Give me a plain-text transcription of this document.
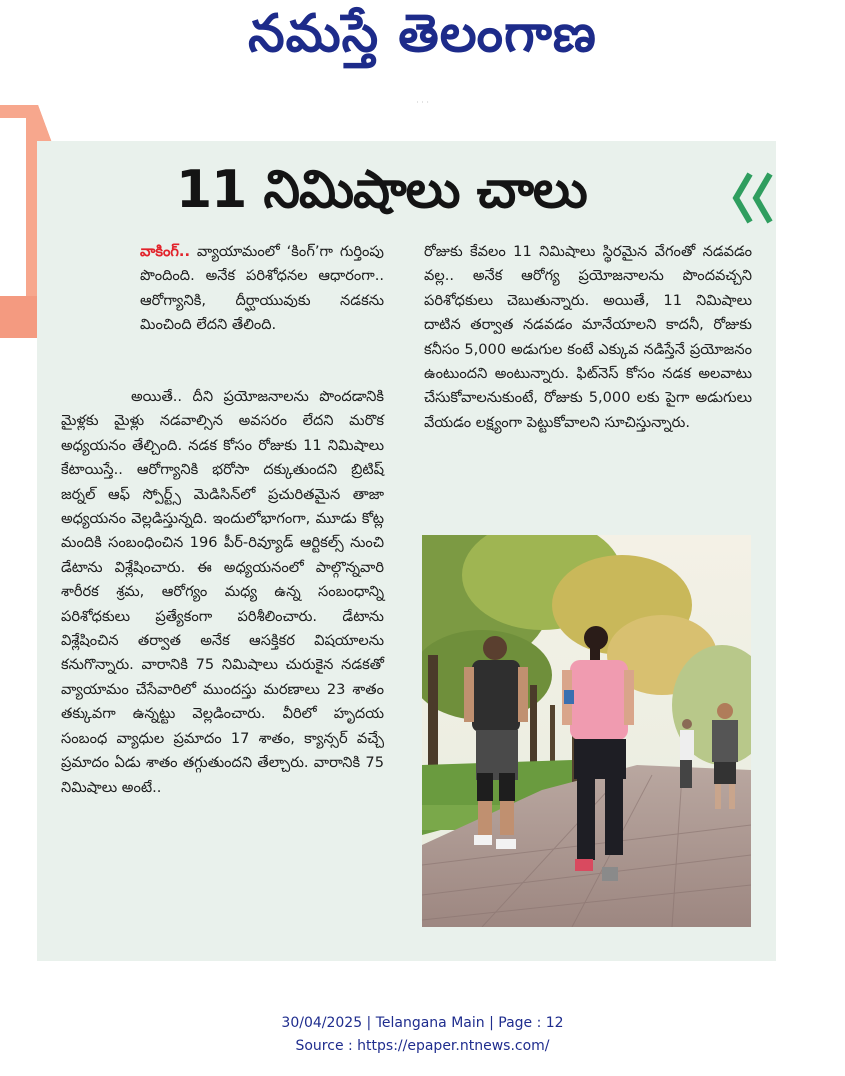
నమస్తే తెలంగాణ
· · ·
11 నిమిషాలు చాలు

వాకింగ్.. వ్యాయామంలో ‘కింగ్’గా గుర్తింపు పొందింది. అనేక పరిశోధనల ఆధారంగా.. ఆరోగ్యానికి, దీర్ఘాయువుకు నడకను మించింది లేదని తేలింది.

అయితే.. దీని ప్రయోజనాలను పొందడానికి మైళ్లకు మైళ్లు నడవాల్సిన అవసరం లేదని మరొక అధ్యయనం తేల్చింది. నడక కోసం రోజుకు 11 నిమిషాలు కేటాయిస్తే.. ఆరోగ్యానికి భరోసా దక్కుతుందని బ్రిటిష్ జర్నల్ ఆఫ్ స్పోర్ట్స్ మెడిసిన్‌లో ప్రచురితమైన తాజా అధ్యయనం వెల్లడిస్తున్నది. ఇందులోభాగంగా, మూడు కోట్ల మందికి సంబంధించిన 196 పీర్-రివ్యూడ్ ఆర్టికల్స్ నుంచి డేటాను విశ్లేషించారు. ఈ అధ్యయనంలో పాల్గొన్నవారి శారీరక శ్రమ, ఆరోగ్యం మధ్య ఉన్న సంబంధాన్ని పరిశోధకులు ప్రత్యేకంగా పరిశీలించారు. డేటాను విశ్లేషించిన తర్వాత అనేక ఆసక్తికర విషయాలను కనుగొన్నారు. వారానికి 75 నిమిషాలు చురుకైన నడకతో వ్యాయామం చేసేవారిలో ముందస్తు మరణాలు 23 శాతం తక్కువగా ఉన్నట్టు వెల్లడించారు. వీరిలో హృదయ సంబంధ వ్యాధుల ప్రమాదం 17 శాతం, క్యాన్సర్ వచ్చే ప్రమాదం ఏడు శాతం తగ్గుతుందని తేల్చారు. వారానికి 75 నిమిషాలు అంటే..

రోజుకు కేవలం 11 నిమిషాలు స్థిరమైన వేగంతో నడవడం వల్ల.. అనేక ఆరోగ్య ప్రయోజనాలను పొందవచ్చని పరిశోధకులు చెబుతున్నారు. అయితే, 11 నిమిషాలు దాటిన తర్వాత నడవడం మానేయాలని కాదనీ, రోజుకు కనీసం 5,000 అడుగుల కంటే ఎక్కువ నడిస్తేనే ప్రయోజనం ఉంటుందని అంటున్నారు. ఫిట్‌నెస్ కోసం నడక అలవాటు చేసుకోవాలనుకుంటే, రోజుకు 5,000 లకు పైగా అడుగులు వేయడం లక్ష్యంగా పెట్టుకోవాలని సూచిస్తున్నారు.

30/04/2025 | Telangana Main | Page : 12
Source : https://epaper.ntnews.com/
